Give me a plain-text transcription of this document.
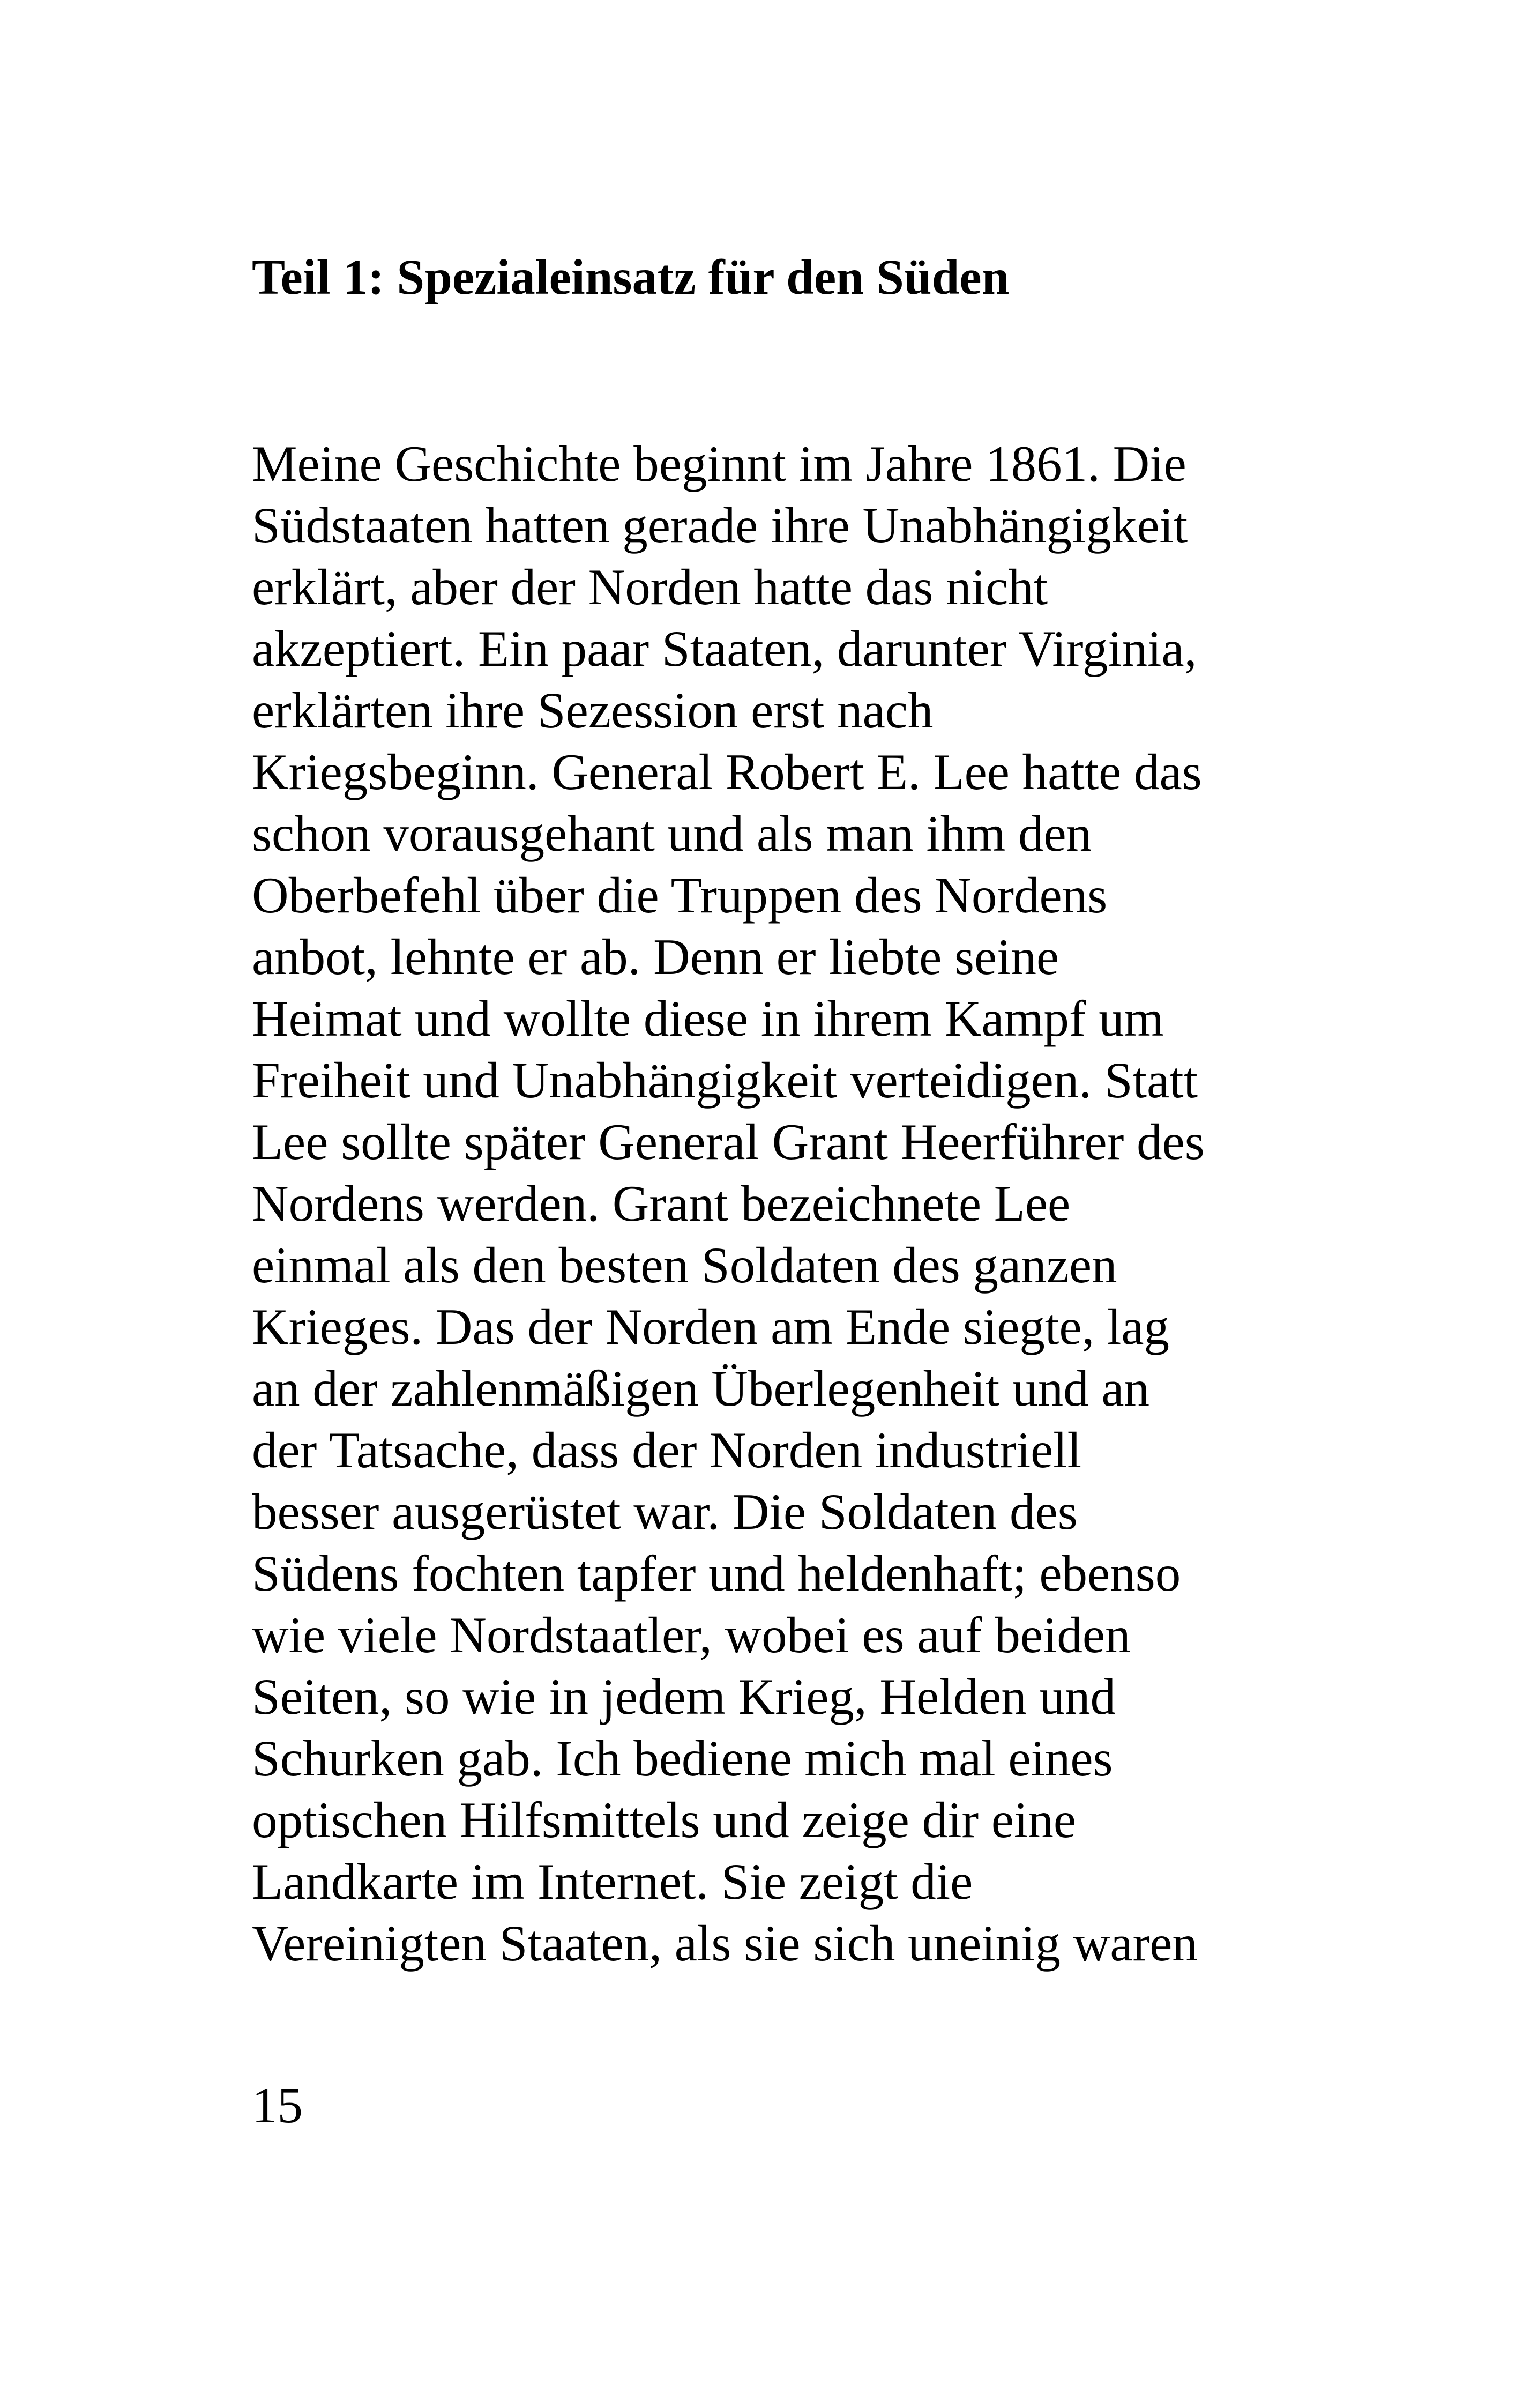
Teil 1: Spezialeinsatz für den Süden
Meine Geschichte beginnt im Jahre 1861. Die
Südstaaten hatten gerade ihre Unabhängigkeit
erklärt, aber der Norden hatte das nicht
akzeptiert. Ein paar Staaten, darunter Virginia,
erklärten ihre Sezession erst nach
Kriegsbeginn. General Robert E. Lee hatte das
schon vorausgehant und als man ihm den
Oberbefehl über die Truppen des Nordens
anbot, lehnte er ab. Denn er liebte seine
Heimat und wollte diese in ihrem Kampf um
Freiheit und Unabhängigkeit verteidigen. Statt
Lee sollte später General Grant Heerführer des
Nordens werden. Grant bezeichnete Lee
einmal als den besten Soldaten des ganzen
Krieges. Das der Norden am Ende siegte, lag
an der zahlenmäßigen Überlegenheit und an
der Tatsache, dass der Norden industriell
besser ausgerüstet war. Die Soldaten des
Südens fochten tapfer und heldenhaft; ebenso
wie viele Nordstaatler, wobei es auf beiden
Seiten, so wie in jedem Krieg, Helden und
Schurken gab. Ich bediene mich mal eines
optischen Hilfsmittels und zeige dir eine
Landkarte im Internet. Sie zeigt die
Vereinigten Staaten, als sie sich uneinig waren
15
